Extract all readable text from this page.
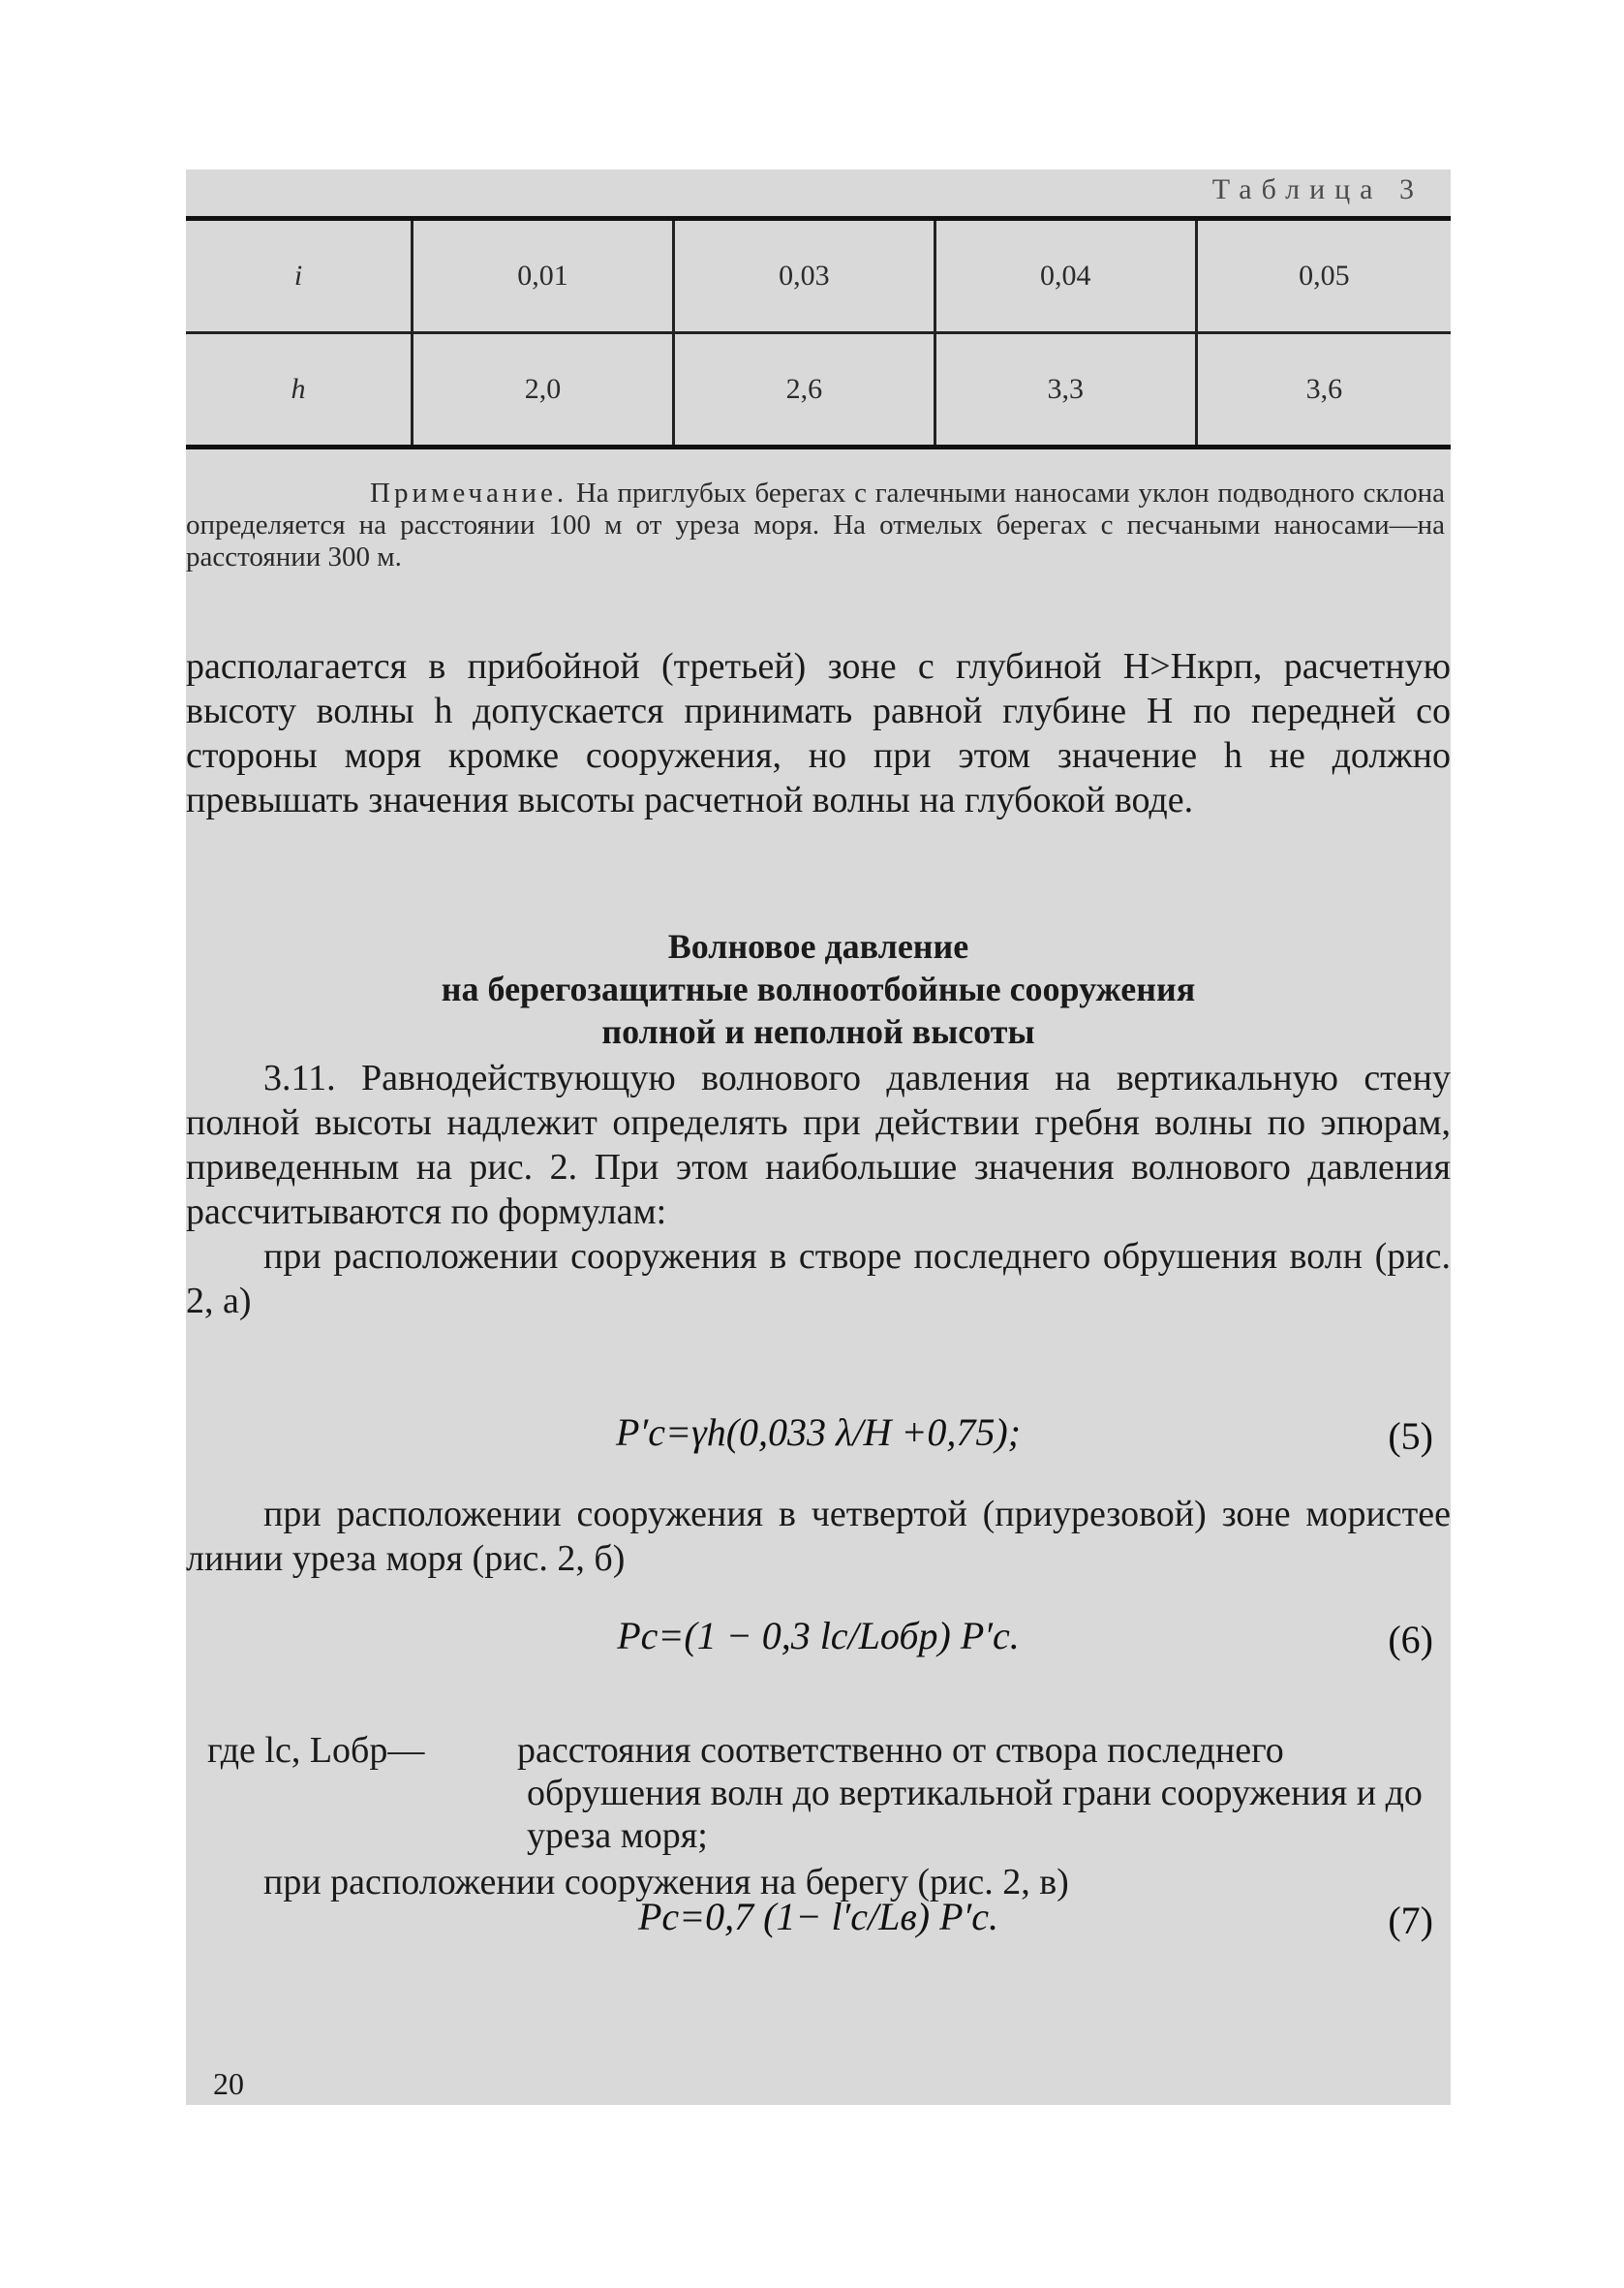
Таблица 3
i	0,01	0,03	0,04	0,05
h	2,0	2,6	3,3	3,6
Примечание. На приглубых берегах с галечными наносами уклон подводного склона определяется на расстоянии 100 м от уреза моря. На отмелых берегах с песчаными наносами—на расстоянии 300 м.
располагается в прибойной (третьей) зоне с глубиной H>Hкрп, расчетную высоту волны h допускается принимать равной глубине H по передней со стороны моря кромке сооружения, но при этом значение h не должно превышать значения высоты расчетной волны на глубокой воде.
Волновое давление
на берегозащитные волноотбойные сооружения
полной и неполной высоты
3.11. Равнодействующую волнового давления на вертикальную стену полной высоты надлежит определять при действии гребня волны по эпюрам, приведенным на рис. 2. При этом наибольшие значения волнового давления рассчитываются по формулам:
при расположении сооружения в створе последнего обрушения волн (рис. 2, а)
P′c=γh(0,033 λ/H +0,75);	(5)
при расположении сооружения в четвертой (приурезовой) зоне мористее линии уреза моря (рис. 2, б)
Pc=(1 − 0,3 lc/Lобр) P′c.	(6)
где lc, Lобр—	расстояния соответственно от створа последнего
обрушения волн до вертикальной грани сооружения и до уреза моря;
при расположении сооружения на берегу (рис. 2, в)
Pc=0,7 (1− l′c/Lв) P′c.	(7)
20
